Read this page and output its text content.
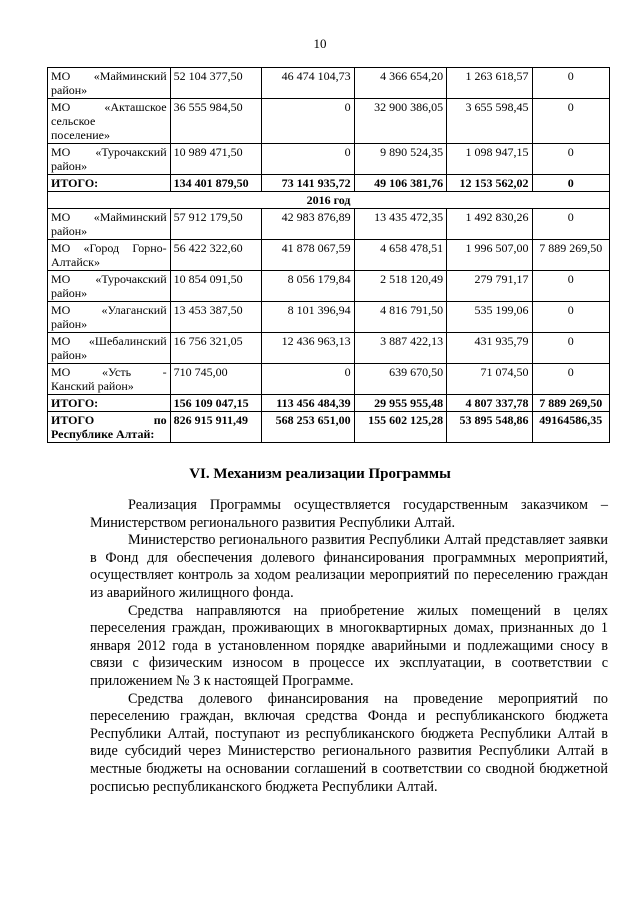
10
МО «Майминский
район»	52 104 377,50	46 474 104,73	4 366 654,20	1 263 618,57	0

МО «Акташское
сельское
поселение»	36 555 984,50	0	32 900 386,05	3 655 598,45	0

МО «Турочакский
район»	10 989 471,50	0	9 890 524,35	1 098 947,15	0

ИТОГО:	134 401 879,50	73 141 935,72	49 106 381,76	12 153 562,02	0
2016 год					

МО «Майминский
район»	57 912 179,50	42 983 876,89	13 435 472,35	1 492 830,26	0

МО «Город Горно-
Алтайск»	56 422 322,60	41 878 067,59	4 658 478,51	1 996 507,00	7 889 269,50

МО «Турочакский
район»	10 854 091,50	8 056 179,84	2 518 120,49	279 791,17	0

МО «Улаганский
район»	13 453 387,50	8 101 396,94	4 816 791,50	535 199,06	0

МО «Шебалинский
район»	16 756 321,05	12 436 963,13	3 887 422,13	431 935,79	0

МО «Усть -
Канский район»	710 745,00	0	639 670,50	71 074,50	0

ИТОГО:	156 109 047,15	113 456 484,39	29 955 955,48	4 807 337,78	7 889 269,50

ИТОГО по
Республике Алтай:	826 915 911,49	568 253 651,00	155 602 125,28	53 895 548,86	49164586,35
VI. Механизм реализации Программы

Реализация Программы осуществляется государственным заказчиком – Министерством регионального развития Республики Алтай.

Министерство регионального развития Республики Алтай представляет заявки в Фонд для обеспечения долевого финансирования программных мероприятий, осуществляет контроль за ходом реализации мероприятий по переселению граждан из аварийного жилищного фонда.

Средства направляются на приобретение жилых помещений в целях переселения граждан, проживающих в многоквартирных домах, признанных до 1 января 2012 года в установленном порядке аварийными и подлежащими сносу в связи с физическим износом в процессе их эксплуатации, в соответствии с приложением № 3 к настоящей Программе.

Средства долевого финансирования на проведение мероприятий по переселению граждан, включая средства Фонда и республиканского бюджета Республики Алтай, поступают из республиканского бюджета Республики Алтай в виде субсидий через Министерство регионального развития Республики Алтай в местные бюджеты на основании соглашений в соответствии со сводной бюджетной росписью республиканского бюджета Республики Алтай.
